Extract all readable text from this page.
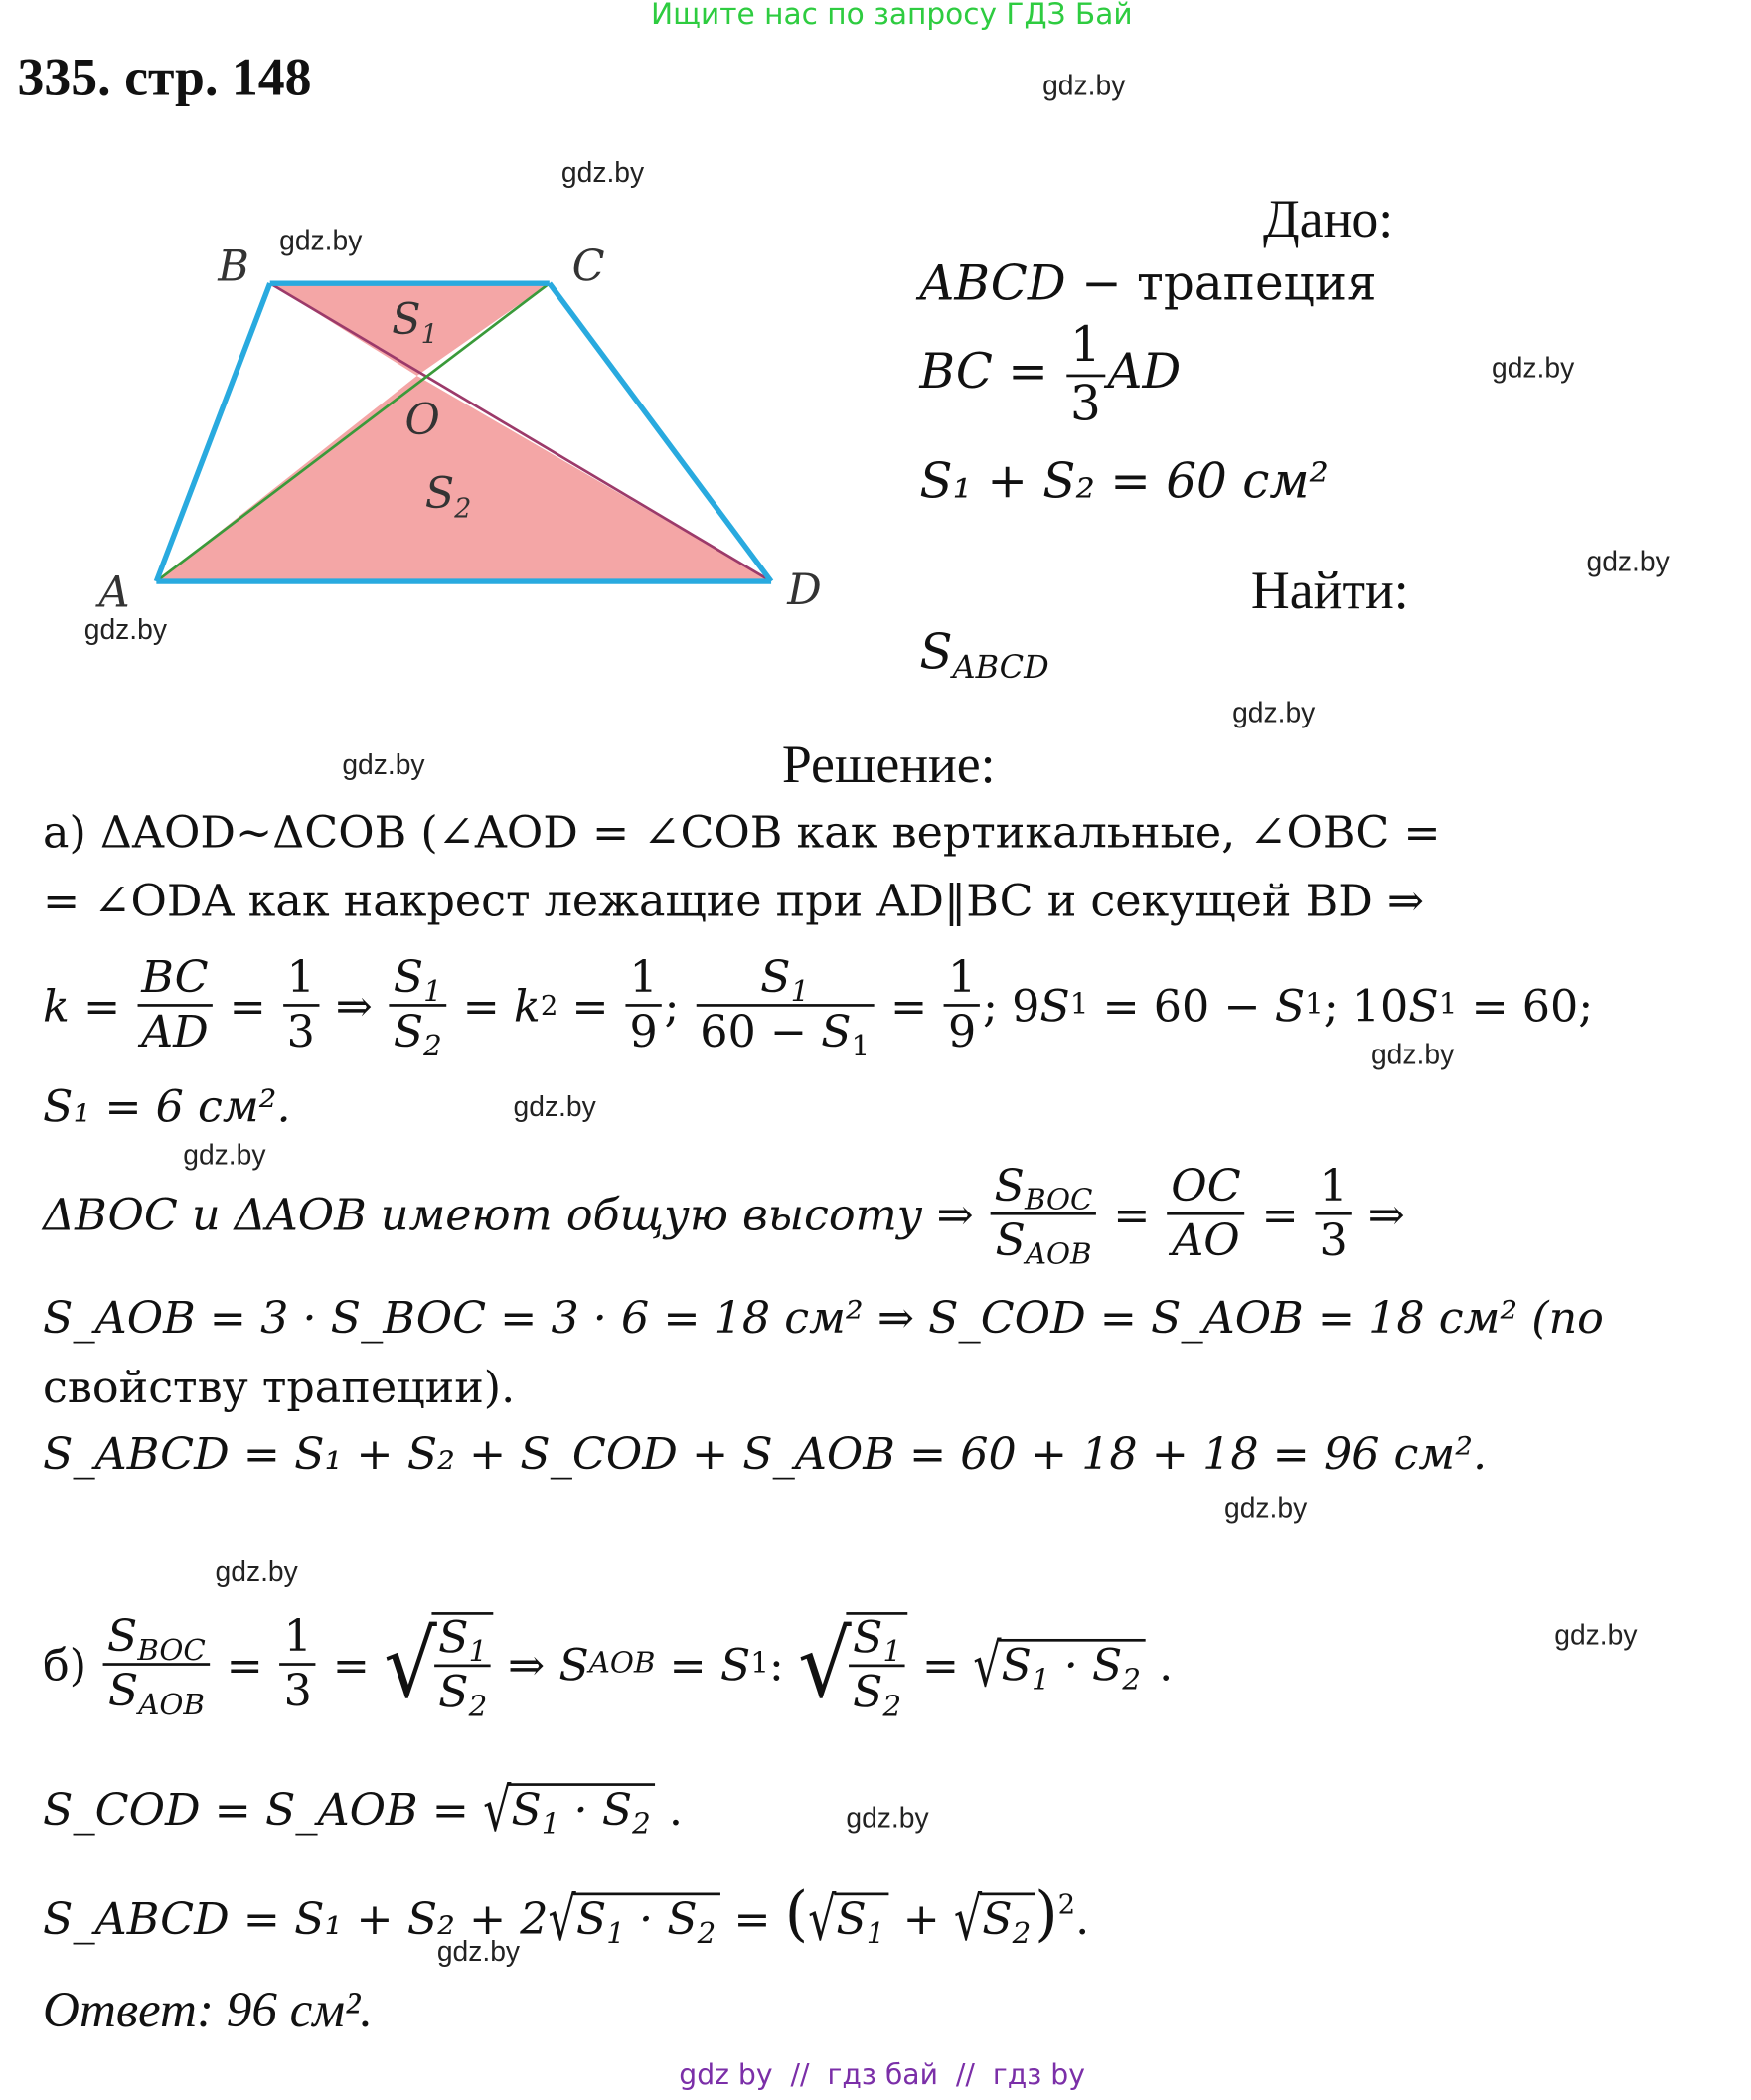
Ищите нас по запросу ГДЗ Бай
335. стр. 148	gdz.by
gdz.by
gdz.by
gdz.by
gdz.by
gdz.by
gdz.by
gdz.by
gdz.by
gdz.by
gdz.by
gdz.by
gdz.by
gdz.by
gdz.by
gdz.by
B	C
A	D
O
$S_1$
$S_2$
Дано:
ABCD − трапеция
BC = $\frac{1}{3}$ AD
S₁ + S₂ = 60 см²
Найти:
$S_{ABCD}$
Решение:
а) ΔAOD~ΔCOB (∠AOD = ∠COB как вертикальные, ∠OBC =
= ∠ODA как накрест лежащие при AD‖BC и секущей BD ⇒
$k = \frac{BC}{AD} = \frac{1}{3}$ ⇒ $\frac{S_1}{S_2} = k$ $2 = \frac{1}{9}$ ; $\frac{S_1}{60 - S_1} = \frac{1}{9}$ ; 9 S 1 = 60 − S 1 ; 10 S 1 = 60;
S₁ = 6 см².
ΔBOC и ΔAOB имеют общую высоту ⇒
$\frac{S_{BOC}}{S_{AOB}} = \frac{OC}{AO} = \frac{1}{3}$ ⇒
S_AOB = 3 · S_BOC = 3 · 6 = 18 см² ⇒ S_COD = S_AOB = 18 см² (по
свойству трапеции).
S_ABCD = S₁ + S₂ + S_COD + S_AOB = 60 + 18 + 18 = 96 см².
б)
$\frac{S_{BOC}}{S_{AOB}} = \frac{1}{3}$ = √
$\frac{S_1}{S_2}$ ⇒ S AOB = S 1 : √
$\frac{S_1}{S_2}$ = √ $S_1 \cdot S_2$ .
S_COD = S_AOB = $√S_1 \cdot S_2$ .
S_ABCD = $S_1 + S_2 + 2√S_1 \cdot S_2 = (√S_1 + √S_2)^2$.
Ответ: 96 см².
gdz by  //  гдз бай  //  гдз by
